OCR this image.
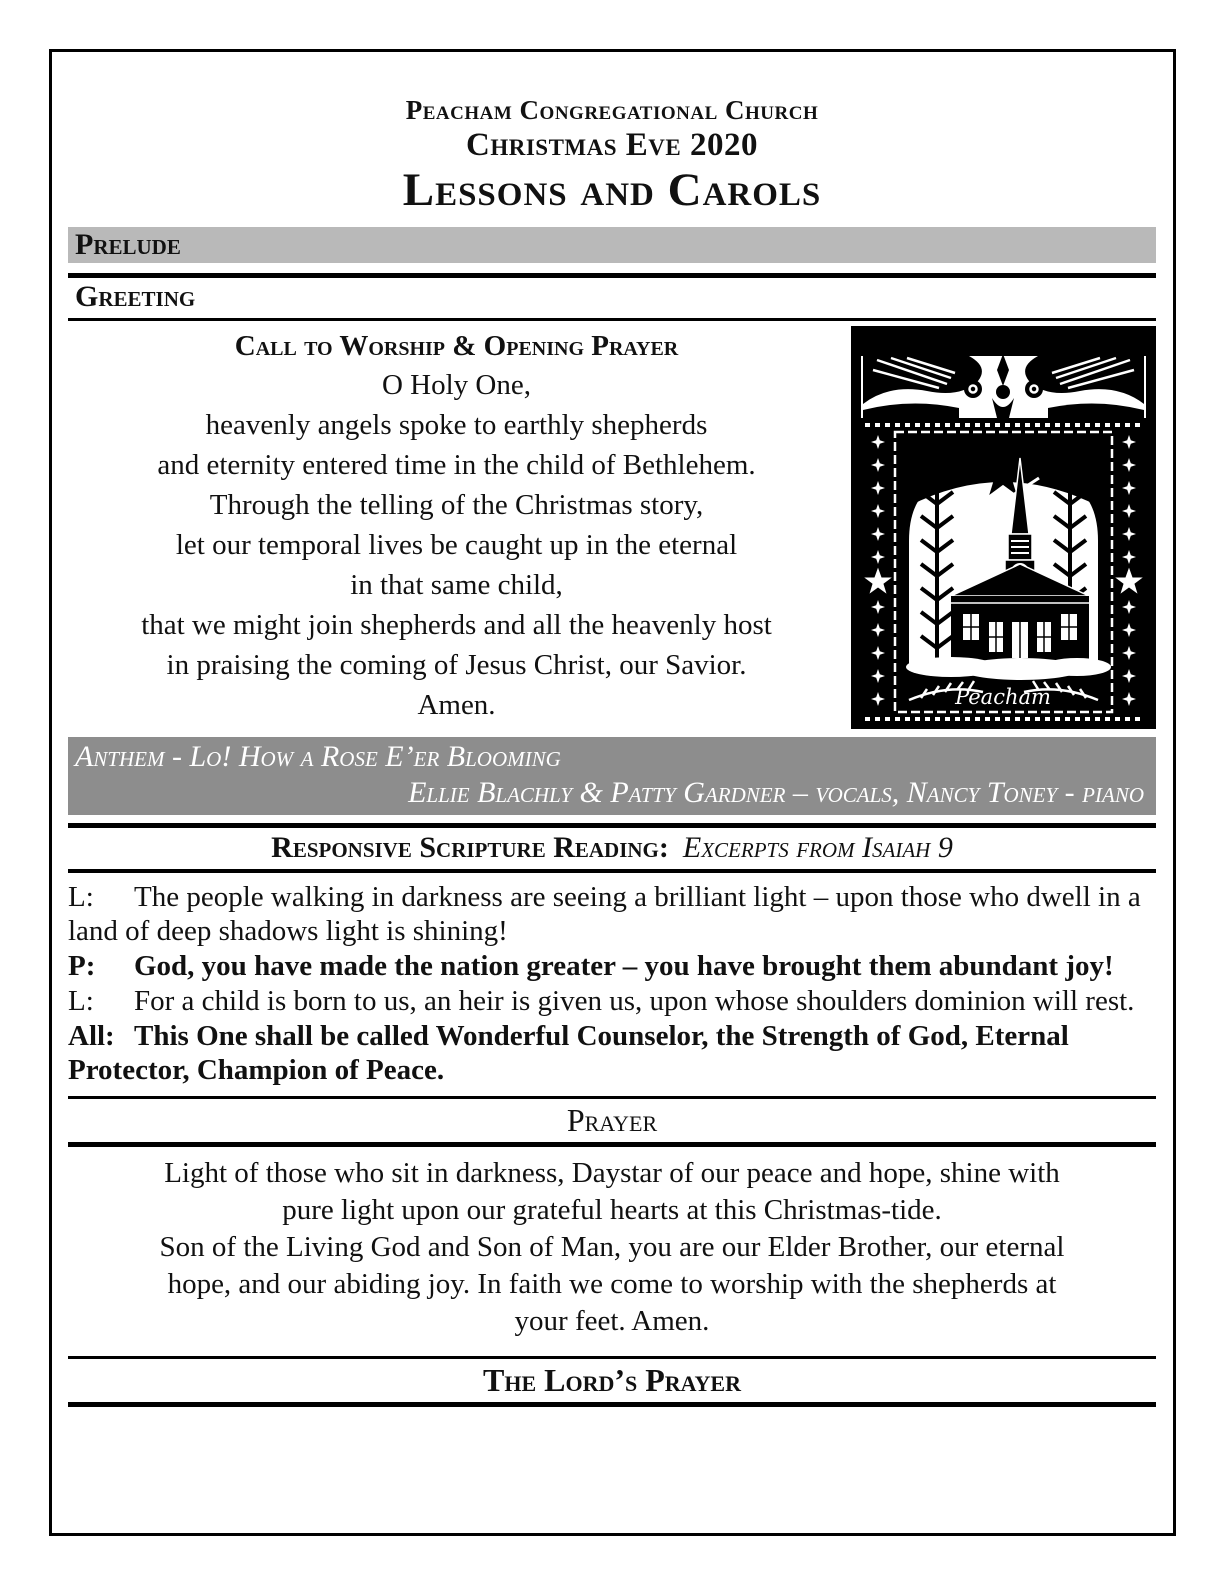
Peacham Congregational Church
Christmas Eve 2020
Lessons and Carols
Prelude
Greeting
Call to Worship & Opening Prayer
O Holy One,
heavenly angels spoke to earthly shepherds
and eternity entered time in the child of Bethlehem.
Through the telling of the Christmas story,
let our temporal lives be caught up in the eternal
in that same child,
that we might join shepherds and all the heavenly host
in praising the coming of Jesus Christ, our Savior.
Amen.	Peacham
Anthem - Lo! How a Rose E’er Blooming
Ellie Blachly & Patty Gardner – vocals, Nancy Toney - piano
Responsive Scripture Reading: Excerpts from Isaiah 9

L: The people walking in darkness are seeing a brilliant light – upon those who dwell in a land of deep shadows light is shining!

P: God, you have made the nation greater – you have brought them abundant joy!

L: For a child is born to us, an heir is given us, upon whose shoulders dominion will rest.

All: This One shall be called Wonderful Counselor, the Strength of God, Eternal Protector, Champion of Peace.

Prayer
Light of those who sit in darkness, Daystar of our peace and hope, shine with
pure light upon our grateful hearts at this Christmas-tide.
Son of the Living God and Son of Man, you are our Elder Brother, our eternal
hope, and our abiding joy. In faith we come to worship with the shepherds at
your feet. Amen.
The Lord’s Prayer
